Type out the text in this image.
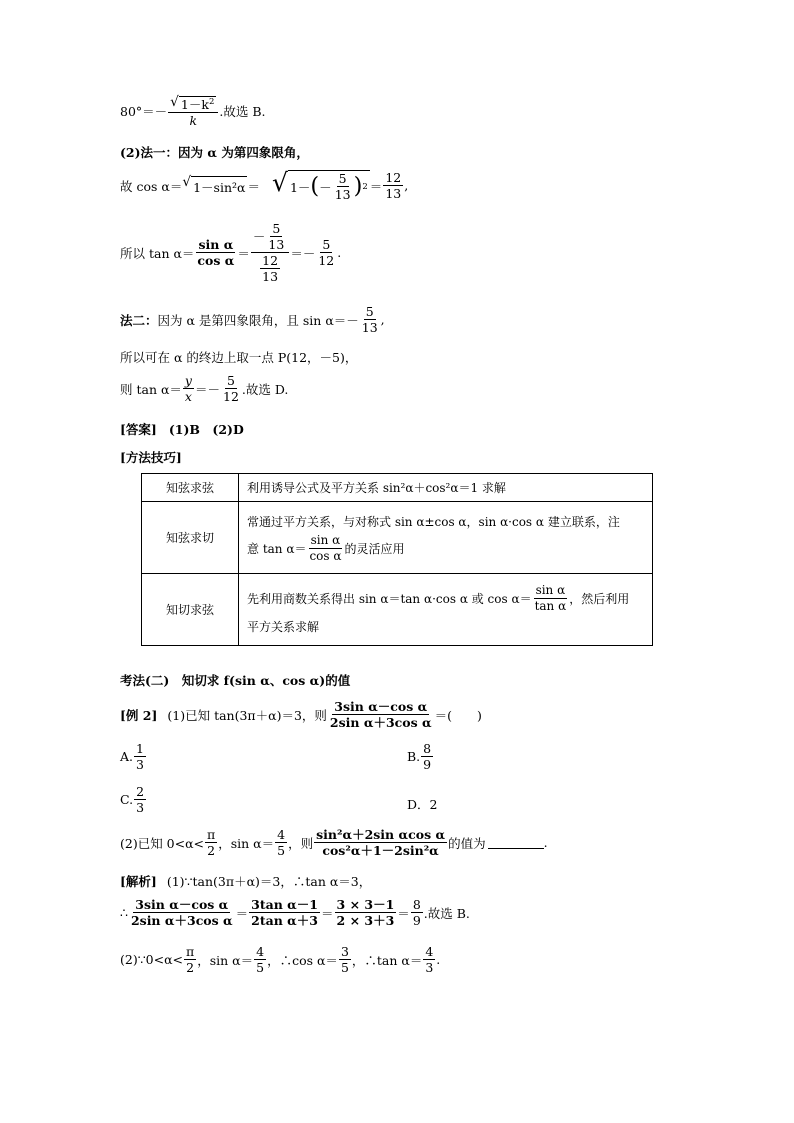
$80^\circ=- \frac{√ 1-k^2}{k}$ .故选 B.
(2)法一：因为 α 为第四象限角，
故 cos α＝ √ 1－sin²α ＝ √ 1－ ( － $\frac{5}{13}$ ) $2 = \frac{12}{13}$ ,
所以 $\tan \alpha= \frac{\text{sin α}}{\text{cos α}} = \frac{- \frac{5}{13}}{\frac{12}{13}} =- \frac{5}{12}$ .
法二： 因为 α 是第四象限角，且 $\sin \alpha=- \frac{5}{13}$ ,
所以可在 α 的终边上取一点 P(12，－5)，
则 $\tan \alpha= \frac{y}{x} =- \frac{5}{12}$ .故选 D.
[答案] (1)B　(2)D
[方法技巧]
知弦求弦	利用诱导公式及平方关系 sin²α＋cos²α＝1 求解
知弦求切	常通过平方关系，与对称式 sin α±cos α，sin α·cos α 建立联系，注
意 $\tan \alpha= \frac{\text{sin α}}{\text{cos α}}$ 的灵活应用

知切求弦	先利用商数关系得出 sin α＝tan α·cos α 或 $\cos \alpha= \frac{\text{sin α}}{\text{tan α}}$ ，然后利用
平方关系求解
考法(二)　知切求 f(sin α、cos α)的值
[例 2] (1)已知 tan(3π＋α)＝3，则 $\frac{\text{3sin α－cos α}}{\text{2sin α＋3cos α}}$ ＝(　　)
A. $\frac{1}{3}$	B. $\frac{8}{9}$
C. $\frac{2}{3}$	D．2
(2)已知 $0<\alpha< \frac{\pi}{2}$ ，$\sin \alpha= \frac{4}{5}$ ，则 $\frac{\text{sin²α＋2sin αcos α}}{\text{cos²α＋1－2sin²α}}$ 的值为	.
[解析] (1)∵tan(3π＋α)＝3，∴tan α＝3，
∴ $\frac{\text{3sin α－cos α}}{\text{2sin α＋3cos α}} = \frac{\text{3tan α－1}}{\text{2tan α＋3}} = \frac{3 \times 3-1}{2 \times 3+3} = \frac{8}{9}$ .故选 B.
(2)∵0<α< $\frac{\pi}{2}$ ，$\sin \alpha= \frac{4}{5}$ ，∴cos $\alpha= \frac{3}{5}$ ，∴tan $\alpha= \frac{4}{3}$ .
